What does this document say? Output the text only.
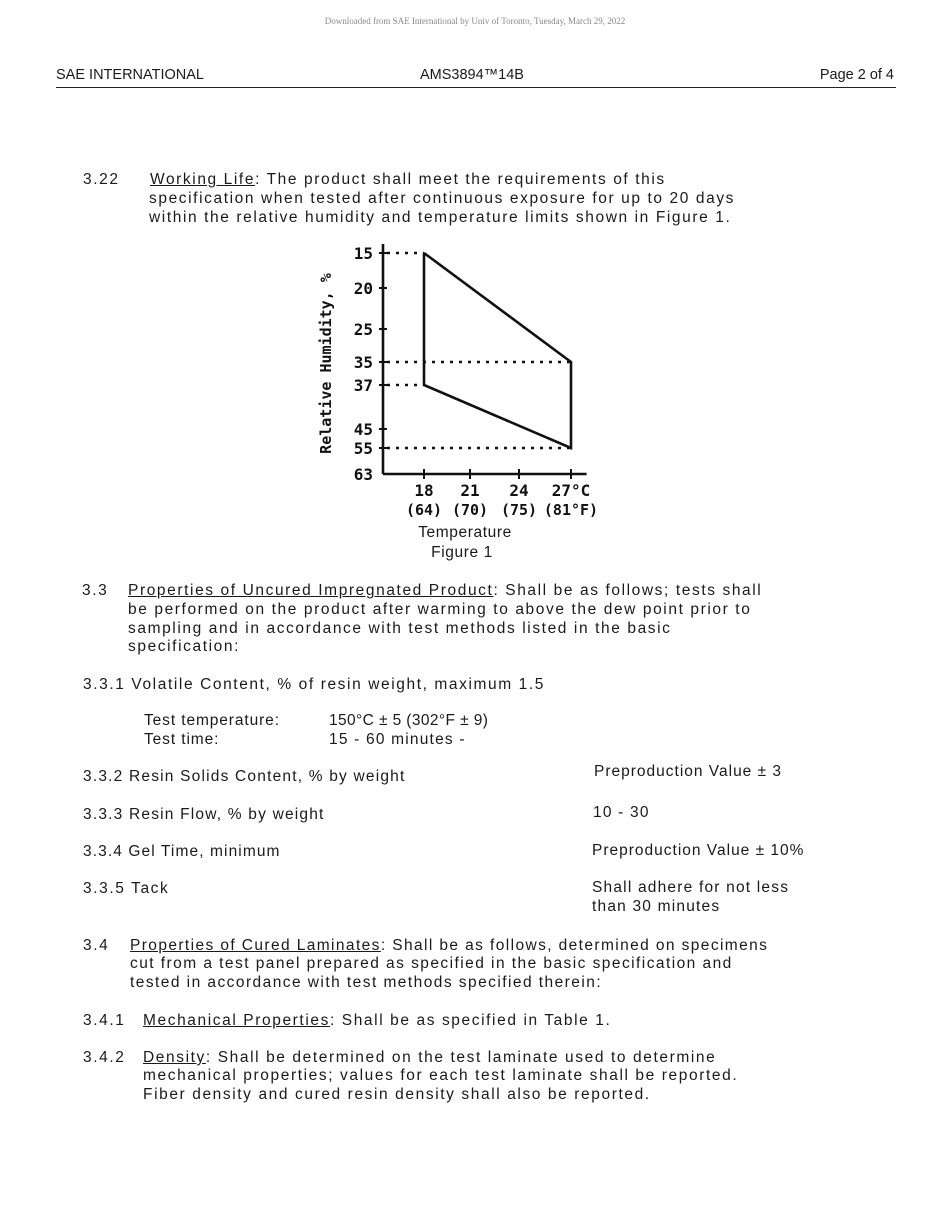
Downloaded from SAE International by Univ of Toronto, Tuesday, March 29, 2022
SAE INTERNATIONAL	AMS3894™14B	Page 2 of 4
3.22 Working Life: The product shall meet the requirements of this
specification when tested after continuous exposure for up to 20 days
within the relative humidity and temperature limits shown in Figure 1.
63
55
45
37
35
25
20
15
18
(64)
21
(70)
24
(75)
27°C
(81°F)
Relative Humidity, %
Temperature
Figure 1
3.3 Properties of Uncured Impregnated Product: Shall be as follows; tests shall
be performed on the product after warming to above the dew point prior to
sampling and in accordance with test methods listed in the basic
specification:
3.3.1 Volatile Content, % of resin weight, maximum 1.5
Test temperature:	150°C ± 5 (302°F ± 9)
Test time:	15 - 60 minutes -
3.3.2 Resin Solids Content, % by weight	Preproduction Value ± 3
3.3.3 Resin Flow, % by weight	10 - 30
3.3.4 Gel Time, minimum	Preproduction Value ± 10%
3.3.5 Tack	Shall adhere for not less
than 30 minutes
3.4 Properties of Cured Laminates: Shall be as follows, determined on specimens
cut from a test panel prepared as specified in the basic specification and
tested in accordance with test methods specified therein:
3.4.1 Mechanical Properties: Shall be as specified in Table 1.
3.4.2 Density: Shall be determined on the test laminate used to determine
mechanical properties; values for each test laminate shall be reported.
Fiber density and cured resin density shall also be reported.
